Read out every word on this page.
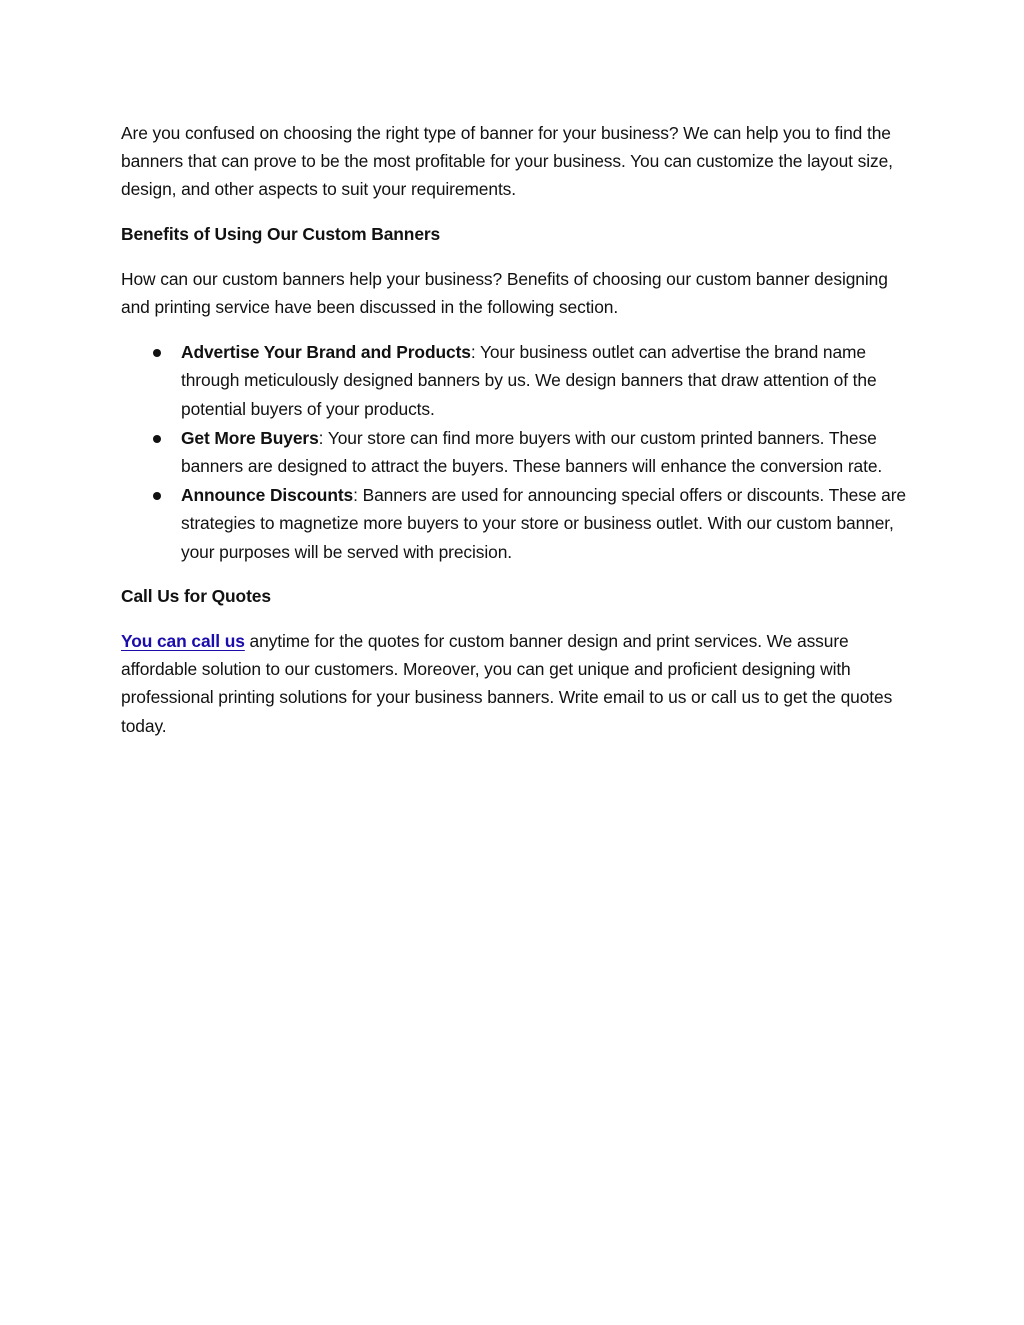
Are you confused on choosing the right type of banner for your business? We can help you to find the banners that can prove to be the most profitable for your business. You can customize the layout size, design, and other aspects to suit your requirements.

Benefits of Using Our Custom Banners

How can our custom banners help your business? Benefits of choosing our custom banner designing and printing service have been discussed in the following section.

Advertise Your Brand and Products: Your business outlet can advertise the brand name through meticulously designed banners by us. We design banners that draw attention of the potential buyers of your products.
Get More Buyers: Your store can find more buyers with our custom printed banners. These banners are designed to attract the buyers. These banners will enhance the conversion rate.
Announce Discounts: Banners are used for announcing special offers or discounts. These are strategies to magnetize more buyers to your store or business outlet. With our custom banner, your purposes will be served with precision.

Call Us for Quotes

You can call us anytime for the quotes for custom banner design and print services. We assure affordable solution to our customers. Moreover, you can get unique and proficient designing with professional printing solutions for your business banners. Write email to us or call us to get the quotes today.
